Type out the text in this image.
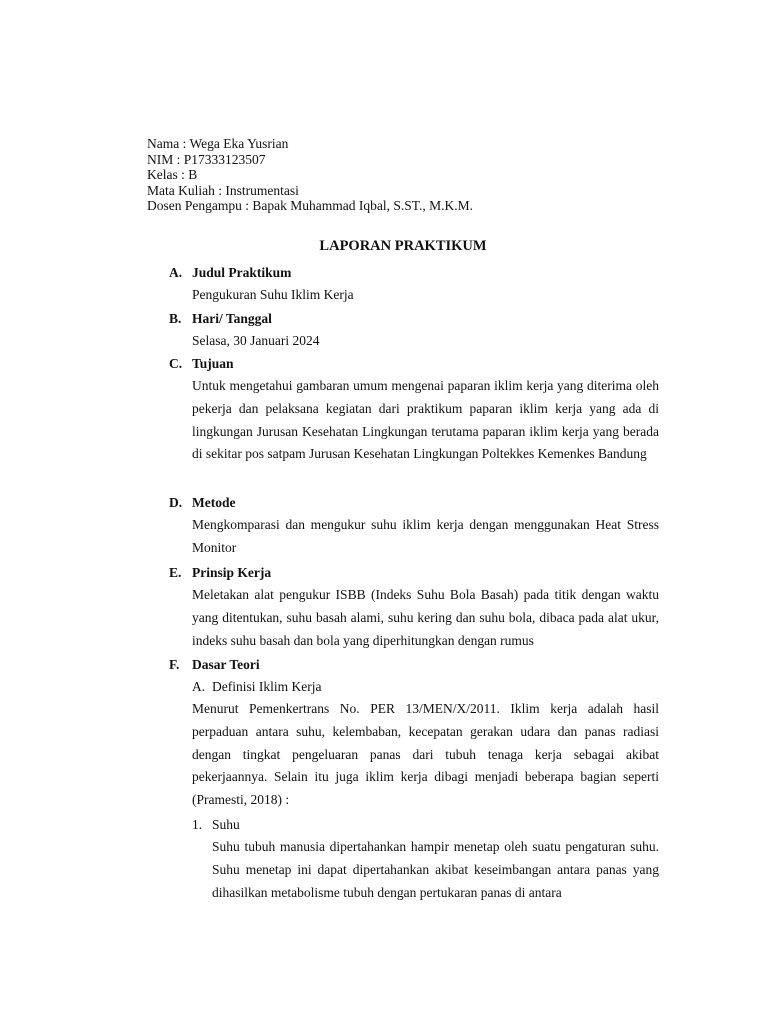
Nama : Wega Eka Yusrian
NIM : P17333123507
Kelas : B
Mata Kuliah : Instrumentasi
Dosen Pengampu : Bapak Muhammad Iqbal, S.ST., M.K.M.
LAPORAN PRAKTIKUM
A. Judul Praktikum
Pengukuran Suhu Iklim Kerja
B. Hari/ Tanggal
Selasa, 30 Januari 2024
C. Tujuan
Untuk mengetahui gambaran umum mengenai paparan iklim kerja yang diterima oleh pekerja dan pelaksana kegiatan dari praktikum paparan iklim kerja yang ada di lingkungan Jurusan Kesehatan Lingkungan terutama paparan iklim kerja yang berada di sekitar pos satpam Jurusan Kesehatan Lingkungan Poltekkes Kemenkes Bandung
D. Metode
Mengkomparasi dan mengukur suhu iklim kerja dengan menggunakan Heat Stress Monitor
E. Prinsip Kerja
Meletakan alat pengukur ISBB (Indeks Suhu Bola Basah) pada titik dengan waktu yang ditentukan, suhu basah alami, suhu kering dan suhu bola, dibaca pada alat ukur, indeks suhu basah dan bola yang diperhitungkan dengan rumus
F. Dasar Teori
A. Definisi Iklim Kerja
Menurut Pemenkertrans No. PER 13/MEN/X/2011. Iklim kerja adalah hasil perpaduan antara suhu, kelembaban, kecepatan gerakan udara dan panas radiasi dengan tingkat pengeluaran panas dari tubuh tenaga kerja sebagai akibat pekerjaannya. Selain itu juga iklim kerja dibagi menjadi beberapa bagian seperti (Pramesti, 2018) :
1. Suhu
Suhu tubuh manusia dipertahankan hampir menetap oleh suatu pengaturan suhu. Suhu menetap ini dapat dipertahankan akibat keseimbangan antara panas yang dihasilkan metabolisme tubuh dengan pertukaran panas di antara
